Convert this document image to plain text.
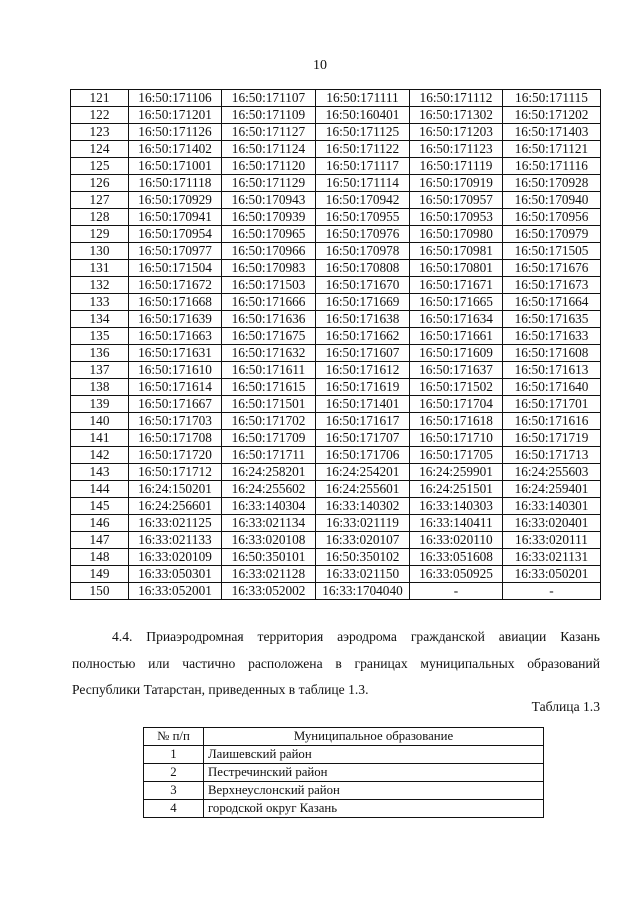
10
121	16:50:171106	16:50:171107	16:50:171111	16:50:171112	16:50:171115
122	16:50:171201	16:50:171109	16:50:160401	16:50:171302	16:50:171202
123	16:50:171126	16:50:171127	16:50:171125	16:50:171203	16:50:171403
124	16:50:171402	16:50:171124	16:50:171122	16:50:171123	16:50:171121
125	16:50:171001	16:50:171120	16:50:171117	16:50:171119	16:50:171116
126	16:50:171118	16:50:171129	16:50:171114	16:50:170919	16:50:170928
127	16:50:170929	16:50:170943	16:50:170942	16:50:170957	16:50:170940
128	16:50:170941	16:50:170939	16:50:170955	16:50:170953	16:50:170956
129	16:50:170954	16:50:170965	16:50:170976	16:50:170980	16:50:170979
130	16:50:170977	16:50:170966	16:50:170978	16:50:170981	16:50:171505
131	16:50:171504	16:50:170983	16:50:170808	16:50:170801	16:50:171676
132	16:50:171672	16:50:171503	16:50:171670	16:50:171671	16:50:171673
133	16:50:171668	16:50:171666	16:50:171669	16:50:171665	16:50:171664
134	16:50:171639	16:50:171636	16:50:171638	16:50:171634	16:50:171635
135	16:50:171663	16:50:171675	16:50:171662	16:50:171661	16:50:171633
136	16:50:171631	16:50:171632	16:50:171607	16:50:171609	16:50:171608
137	16:50:171610	16:50:171611	16:50:171612	16:50:171637	16:50:171613
138	16:50:171614	16:50:171615	16:50:171619	16:50:171502	16:50:171640
139	16:50:171667	16:50:171501	16:50:171401	16:50:171704	16:50:171701
140	16:50:171703	16:50:171702	16:50:171617	16:50:171618	16:50:171616
141	16:50:171708	16:50:171709	16:50:171707	16:50:171710	16:50:171719
142	16:50:171720	16:50:171711	16:50:171706	16:50:171705	16:50:171713
143	16:50:171712	16:24:258201	16:24:254201	16:24:259901	16:24:255603
144	16:24:150201	16:24:255602	16:24:255601	16:24:251501	16:24:259401
145	16:24:256601	16:33:140304	16:33:140302	16:33:140303	16:33:140301
146	16:33:021125	16:33:021134	16:33:021119	16:33:140411	16:33:020401
147	16:33:021133	16:33:020108	16:33:020107	16:33:020110	16:33:020111
148	16:33:020109	16:50:350101	16:50:350102	16:33:051608	16:33:021131
149	16:33:050301	16:33:021128	16:33:021150	16:33:050925	16:33:050201
150	16:33:052001	16:33:052002	16:33:1704040	-	-
4.4. Приаэродромная территория аэродрома гражданской авиации Казань
полностью или частично расположена в границах муниципальных образований
Республики Татарстан, приведенных в таблице 1.3.
Таблица 1.3
№ п/п	Муниципальное образование
1	Лаишевский район
2	Пестречинский район
3	Верхнеуслонский район
4	городской округ Казань
